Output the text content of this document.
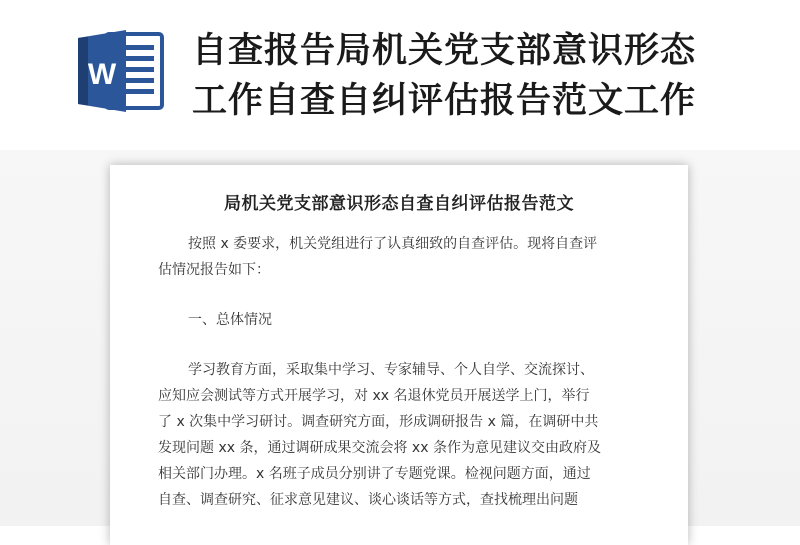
W
自查报告局机关党支部意识形态
工作自查自纠评估报告范文工作
局机关党支部意识形态自查自纠评估报告范文
按照 x 委要求，机关党组进行了认真细致的自查评估。现将自查评
估情况报告如下：
一、总体情况
学习教育方面，采取集中学习、专家辅导、个人自学、交流探讨、
应知应会测试等方式开展学习，对 xx 名退休党员开展送学上门，举行
了 x 次集中学习研讨。调查研究方面，形成调研报告 x 篇，在调研中共
发现问题 xx 条，通过调研成果交流会将 xx 条作为意见建议交由政府及
相关部门办理。x 名班子成员分别讲了专题党课。检视问题方面，通过
自查、调查研究、征求意见建议、谈心谈话等方式，查找梳理出问题
